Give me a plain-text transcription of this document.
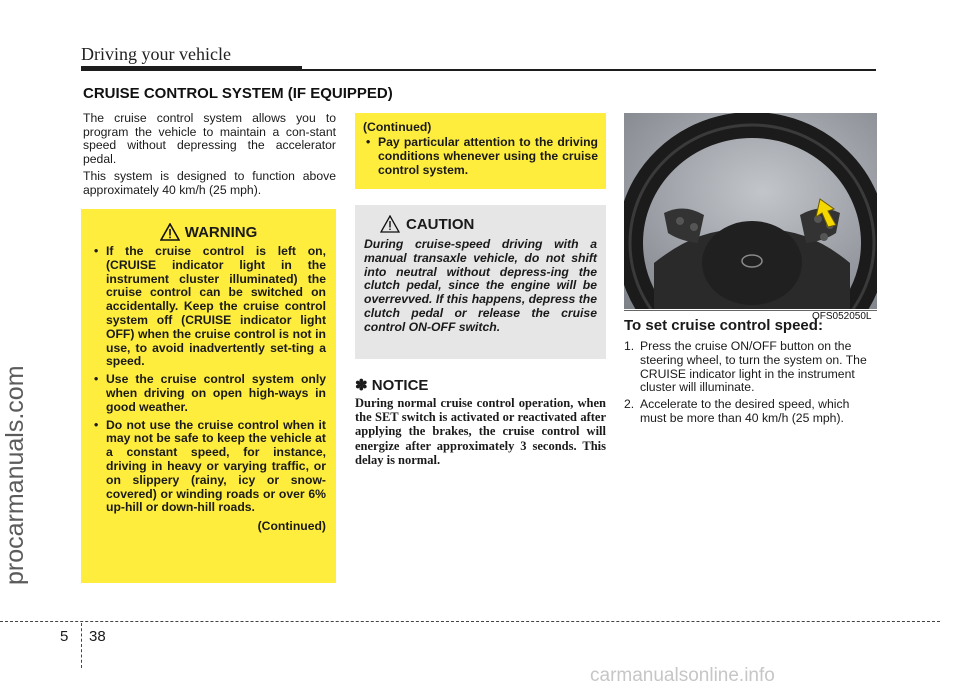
Driving your vehicle
CRUISE CONTROL SYSTEM (IF EQUIPPED)

The cruise control system allows you to program the vehicle to maintain a con-stant speed without depressing the accelerator pedal.

This system is designed to function above approximately 40 km/h (25 mph).

WARNING
• If the cruise control is left on, (CRUISE indicator light in the instrument cluster illuminated) the cruise control can be switched on accidentally. Keep the cruise control system off (CRUISE indicator light OFF) when the cruise control is not in use, to avoid inadvertently set-ting a speed.
• Use the cruise control system only when driving on open high-ways in good weather.
• Do not use the cruise control when it may not be safe to keep the vehicle at a constant speed, for instance, driving in heavy or varying traffic, or on slippery (rainy, icy or snow-covered) or winding roads or over 6% up-hill or down-hill roads.
(Continued)
(Continued)
• Pay particular attention to the driving conditions whenever using the cruise control system.
CAUTION
During cruise-speed driving with a manual transaxle vehicle, do not shift into neutral without depress-ing the clutch pedal, since the engine will be overrevved. If this happens, depress the clutch pedal or release the cruise control ON-OFF switch.
✽ NOTICE
During normal cruise control operation, when the SET switch is activated or reactivated after applying the brakes, the cruise control will energize after approximately 3 seconds. This delay is normal.
OFS052050L
To set cruise control speed:
1. Press the cruise ON/OFF button on the steering wheel, to turn the system on. The CRUISE indicator light in the instrument cluster will illuminate.
2. Accelerate to the desired speed, which must be more than 40 km/h (25 mph).
procarmanuals.com
5 38
carmanualsonline.info
